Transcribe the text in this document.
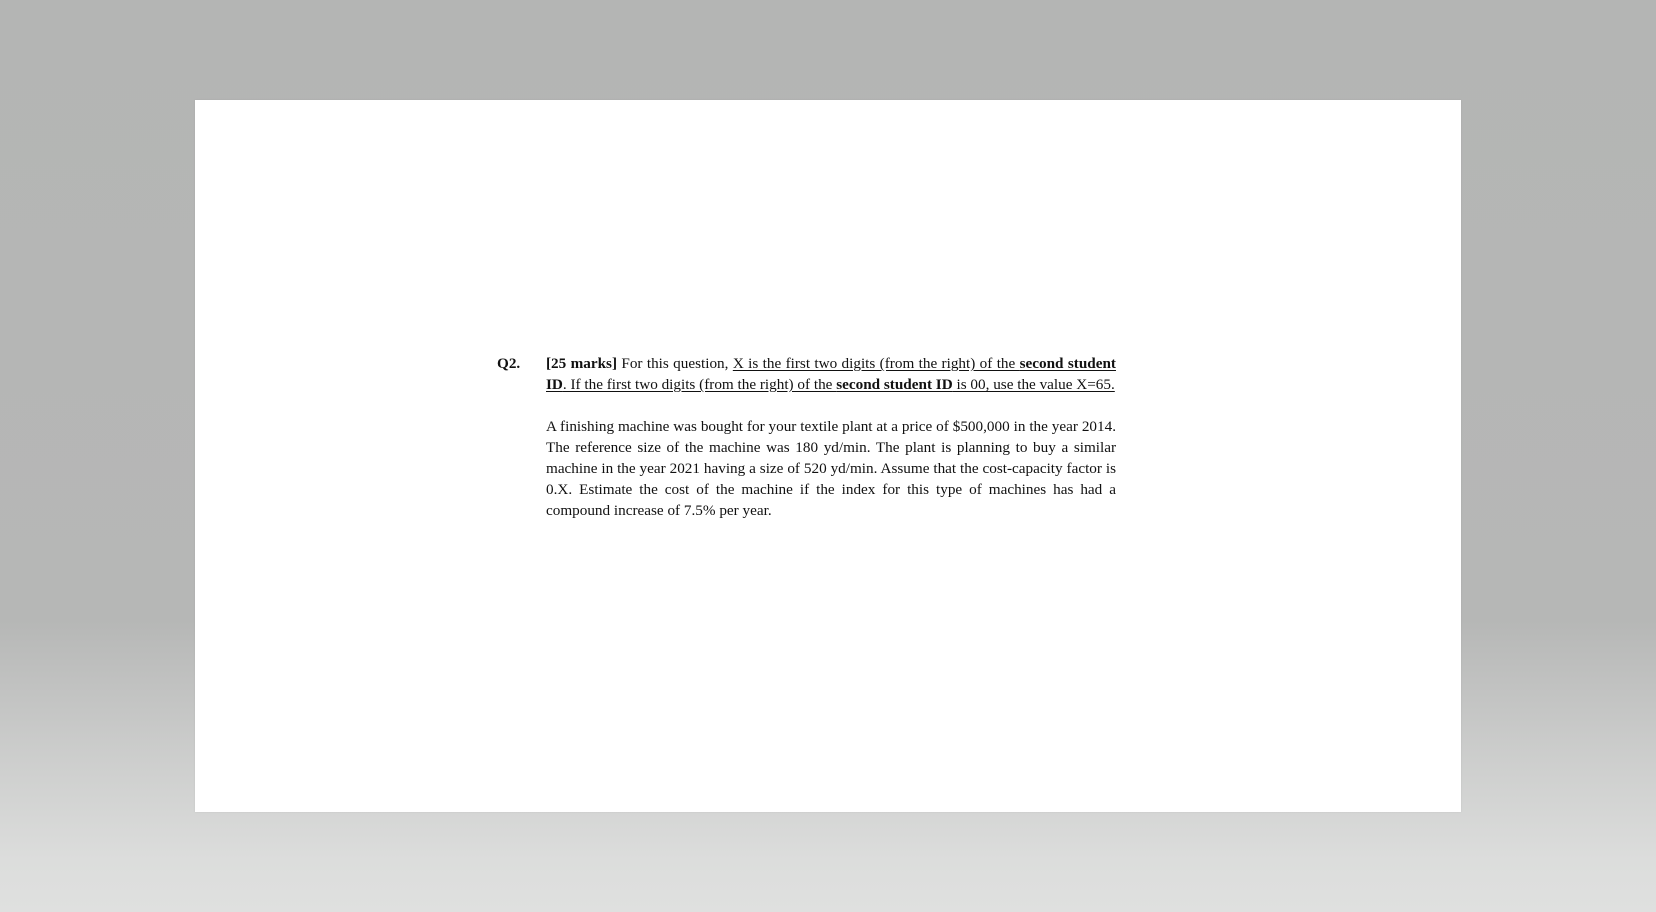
Q2. [25 marks] For this question, X is the first two digits (from the right) of the second student ID. If the first two digits (from the right) of the second student ID is 00, use the value X=65.

A finishing machine was bought for your textile plant at a price of $500,000 in the year 2014. The reference size of the machine was 180 yd/min. The plant is planning to buy a similar machine in the year 2021 having a size of 520 yd/min. Assume that the cost-capacity factor is 0.X. Estimate the cost of the machine if the index for this type of machines has had a compound increase of 7.5% per year.
